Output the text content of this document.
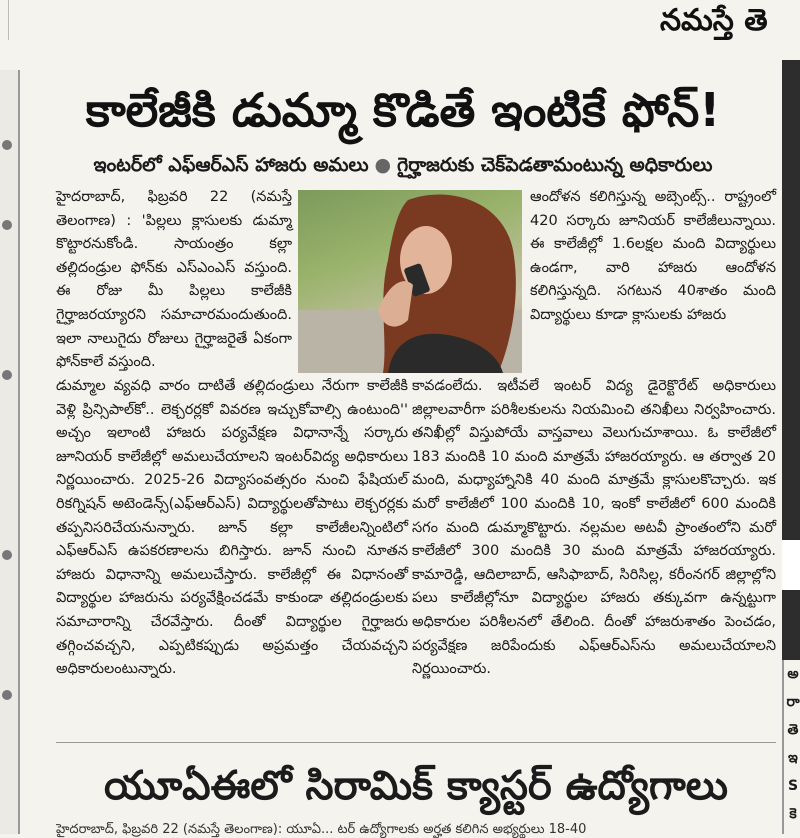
నమస్తే తె
అ
రా
తె
ఇ
S
కె
కాలేజీకి డుమ్మా కొడితే ఇంటికే ఫోన్!
ఇంటర్‌లో ఎఫ్‌ఆర్‌ఎస్ హాజరు అమలు ● గైర్హాజరుకు చెక్‌పెడతామంటున్న అధికారులు

హైదరాబాద్, ఫిబ్రవరి 22 (నమస్తే తెలంగాణ) : 'పిల్లలు క్లాసులకు డుమ్మా కొట్టారనుకోండి. సాయంత్రం కల్లా తల్లిదండ్రుల ఫోన్‌కు ఎస్‌ఎంఎస్ వస్తుంది. ఈ రోజు మీ పిల్లలు కాలేజీకి గైర్హాజరయ్యారని సమాచారమందుతుంది. ఇలా నాలుగైదు రోజులు గైర్హాజరైతే ఏకంగా ఫోన్‌కాలే వస్తుంది.

ఆందోళన కలిగిస్తున్న అబ్సెంట్స్.. రాష్ట్రంలో 420 సర్కారు జూనియర్ కాలేజీలున్నాయి. ఈ కాలేజీల్లో 1.6లక్షల మంది విద్యార్థులు ఉండగా, వారి హాజరు ఆందోళన కలిగిస్తున్నది. సగటున 40శాతం మంది విద్యార్థులు కూడా క్లాసులకు హాజరు

డుమ్మాల వ్యవధి వారం దాటితే తల్లిదండ్రులు నేరుగా కాలేజీకి వెళ్లి ప్రిన్సిపాల్‌కో.. లెక్చరర్లకో వివరణ ఇచ్చుకోవాల్సి ఉంటుంది'' అచ్చం ఇలాంటి హాజరు పర్యవేక్షణ విధానాన్నే సర్కారు జూనియర్ కాలేజీల్లో అమలుచేయాలని ఇంటర్‌విద్య అధికారులు నిర్ణయించారు. 2025-26 విద్యాసంవత్సరం నుంచి ఫేషియల్ రికగ్నిషన్ అటెండెన్స్(ఎఫ్‌ఆర్‌ఎస్) విద్యార్థులతోపాటు లెక్చరర్లకు తప్పనిసరిచేయనున్నారు. జూన్ కల్లా కాలేజీలన్నింటిలో ఎఫ్‌ఆర్‌ఎస్ ఉపకరణాలను బిగిస్తారు. జూన్ నుంచి నూతన హాజరు విధానాన్ని అమలుచేస్తారు. కాలేజీల్లో ఈ విధానంతో విద్యార్థుల హాజరును పర్యవేక్షించడమే కాకుండా తల్లిదండ్రులకు సమాచారాన్ని చేరవేస్తారు. దీంతో విద్యార్థుల గైర్హాజరు తగ్గించవచ్చని, ఎప్పటికప్పుడు అప్రమత్తం చేయవచ్చని అధికారులంటున్నారు.

కావడంలేదు. ఇటీవలే ఇంటర్ విద్య డైరెక్టొరేట్ అధికారులు జిల్లాలవారీగా పరిశీలకులను నియమించి తనిఖీలు నిర్వహించారు. తనిఖీల్లో విస్తుపోయే వాస్తవాలు వెలుగుచూశాయి. ఓ కాలేజీలో 183 మందికి 10 మంది మాత్రమే హాజరయ్యారు. ఆ తర్వాత 20 మంది, మధ్యాహ్నానికి 40 మంది మాత్రమే క్లాసులకొచ్చారు. ఇక మరో కాలేజీలో 100 మందికి 10, ఇంకో కాలేజీలో 600 మందికి సగం మంది డుమ్మాకొట్టారు. నల్లమల అటవీ ప్రాంతంలోని మరో కాలేజీలో 300 మందికి 30 మంది మాత్రమే హాజరయ్యారు. కామారెడ్డి, ఆదిలాబాద్, ఆసిఫాబాద్, సిరిసిల్ల, కరీంనగర్ జిల్లాల్లోని పలు కాలేజీల్లోనూ విద్యార్థుల హాజరు తక్కువగా ఉన్నట్టుగా అధికారుల పరిశీలనలో తేలింది. దీంతో హాజరుశాతం పెంచడం, పర్యవేక్షణ జరిపేందుకు ఎఫ్‌ఆర్‌ఎస్‌ను అమలుచేయాలని నిర్ణయించారు.

యూఏఈలో సిరామిక్ క్యాస్టర్ ఉద్యోగాలు
హైదరాబాద్, ఫిబ్రవరి 22 (నమస్తే తెలంగాణ): యూఏ... టర్ ఉద్యోగాలకు అర్హత కలిగిన అభ్యర్థులు 18-40
